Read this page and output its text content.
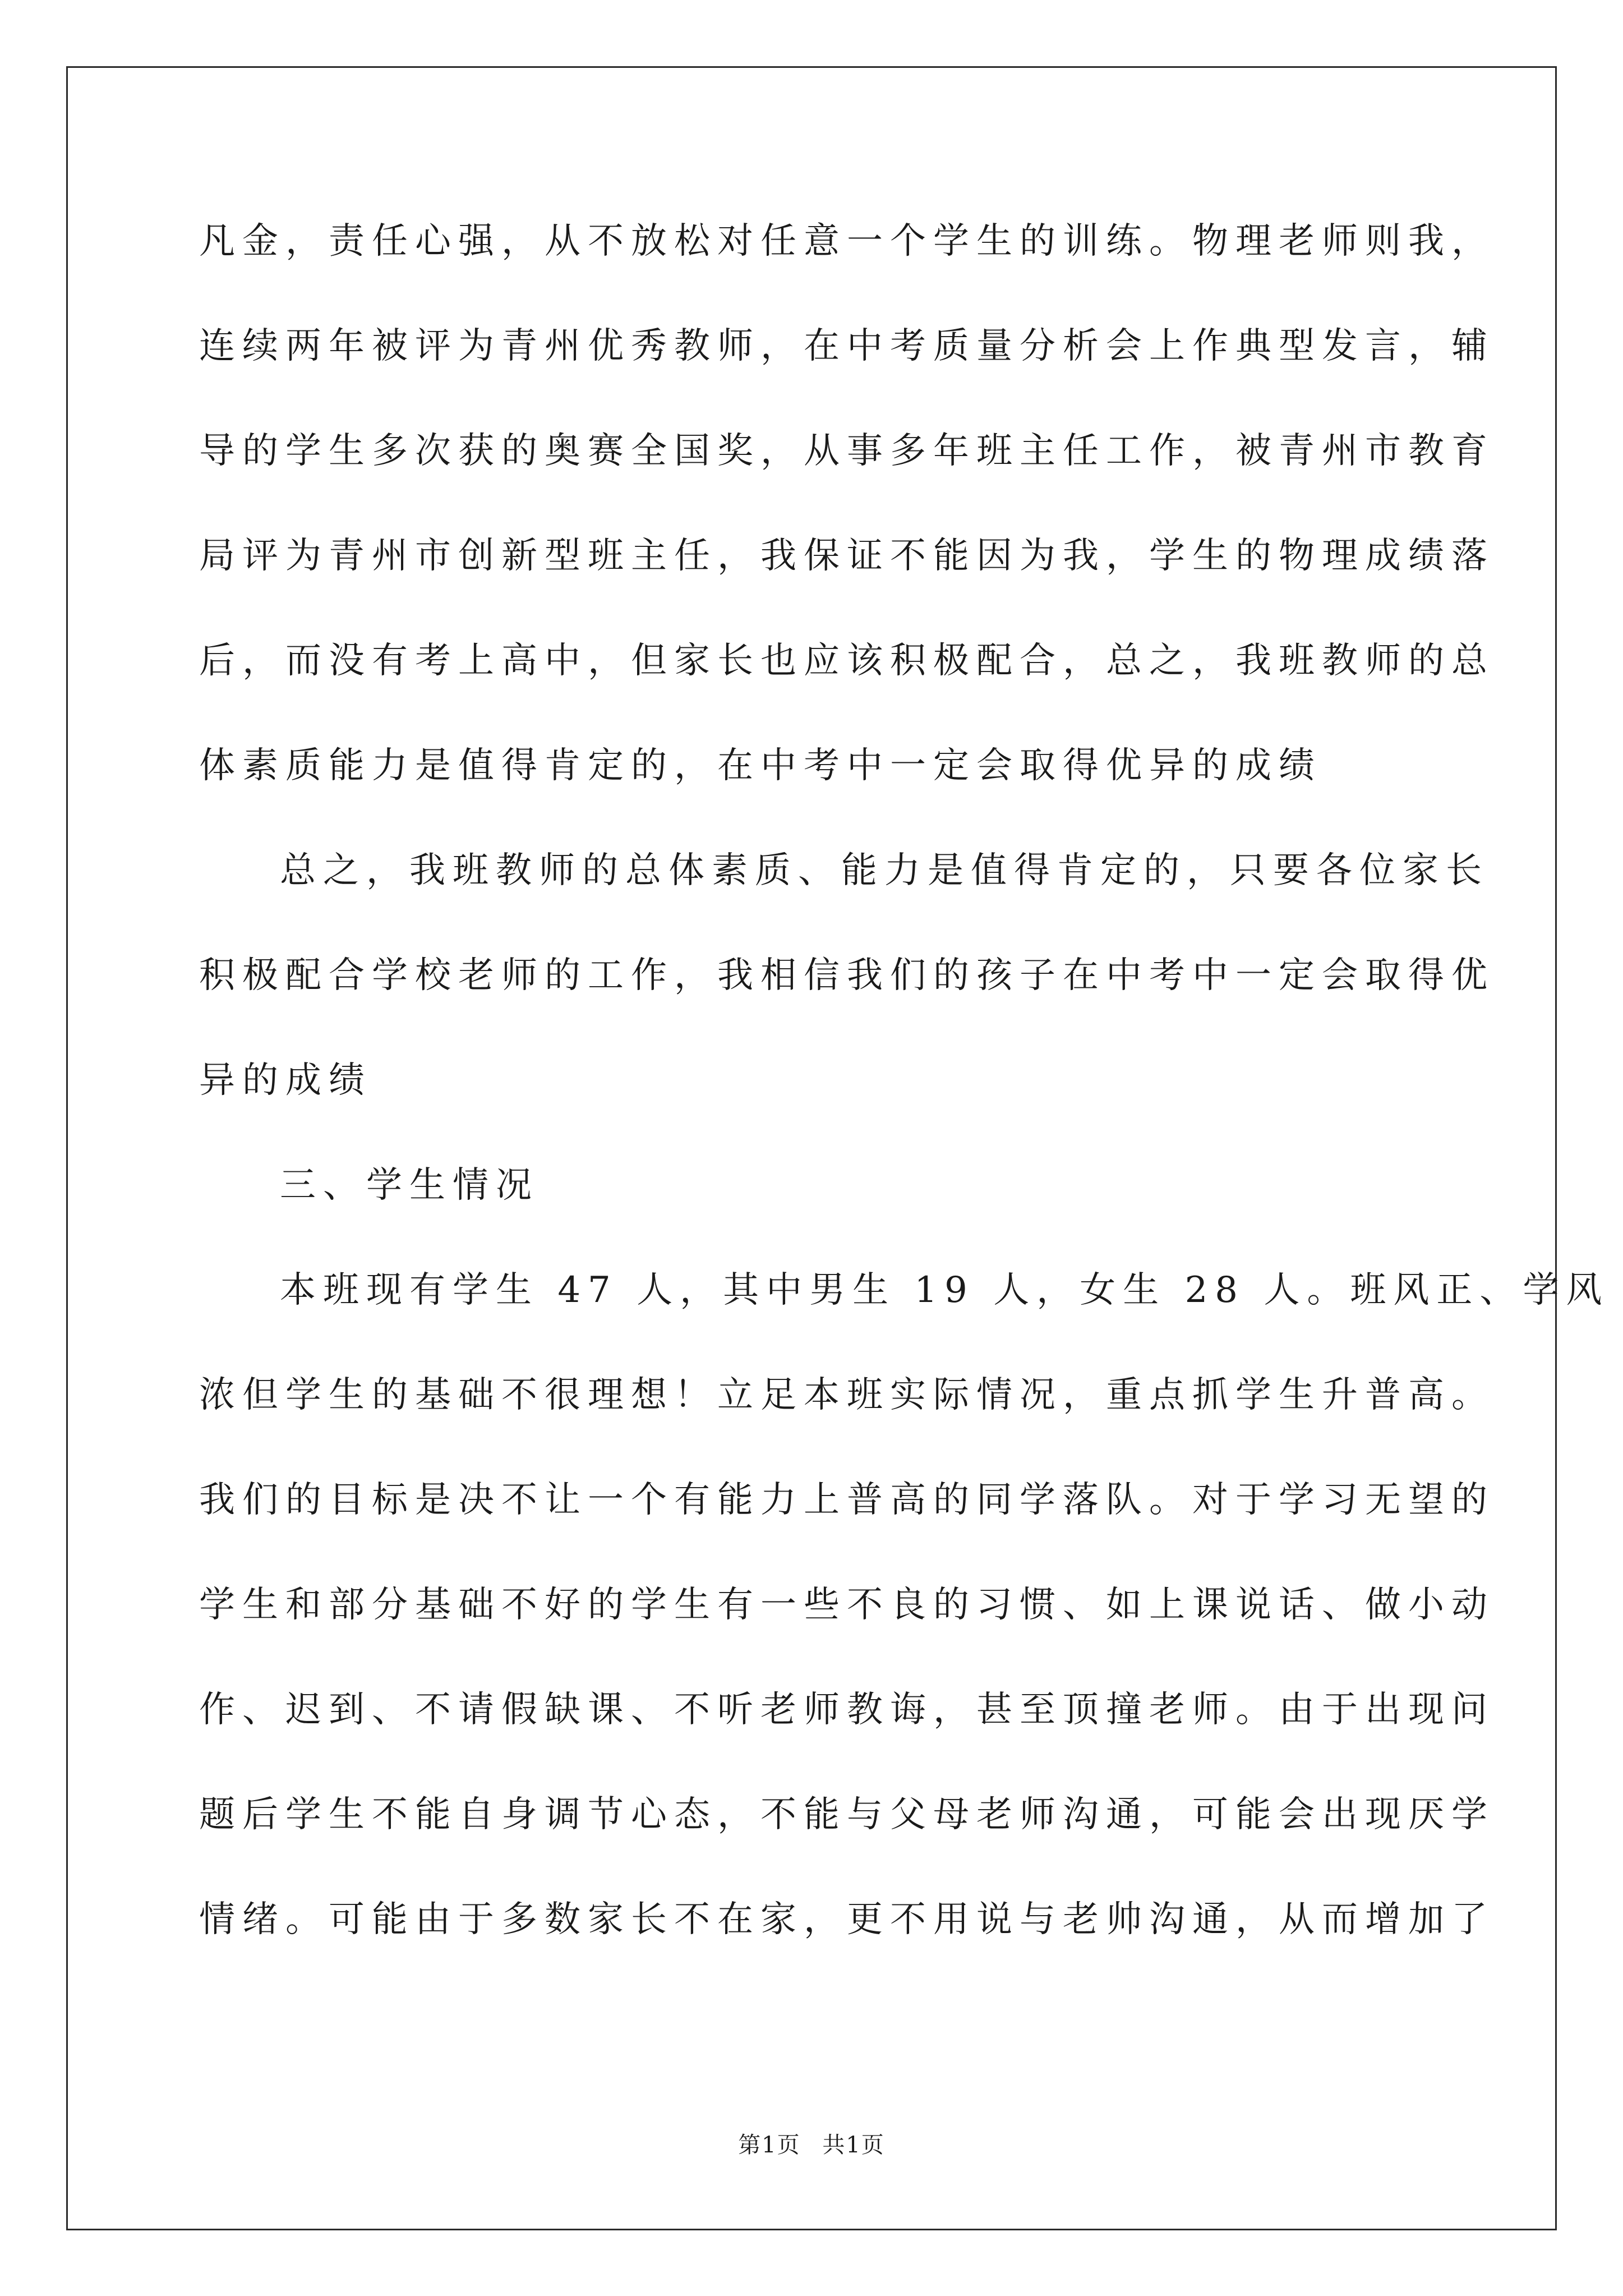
凡金，责任心强，从不放松对任意一个学生的训练。物理老师则我，
连续两年被评为青州优秀教师，在中考质量分析会上作典型发言，辅
导的学生多次获的奥赛全国奖，从事多年班主任工作，被青州市教育
局评为青州市创新型班主任，我保证不能因为我，学生的物理成绩落
后，而没有考上高中，但家长也应该积极配合，总之，我班教师的总
体素质能力是值得肯定的，在中考中一定会取得优异的成绩
总之，我班教师的总体素质、能力是值得肯定的，只要各位家长
积极配合学校老师的工作，我相信我们的孩子在中考中一定会取得优
异的成绩
三、学生情况
本班现有学生 47 人，其中男生 19 人，女生 28 人。班风正、学风
浓但学生的基础不很理想！立足本班实际情况，重点抓学生升普高。
我们的目标是决不让一个有能力上普高的同学落队。对于学习无望的
学生和部分基础不好的学生有一些不良的习惯、如上课说话、做小动
作、迟到、不请假缺课、不听老师教诲，甚至顶撞老师。由于出现问
题后学生不能自身调节心态，不能与父母老师沟通，可能会出现厌学
情绪。可能由于多数家长不在家，更不用说与老帅沟通，从而增加了
第1页 共1页
